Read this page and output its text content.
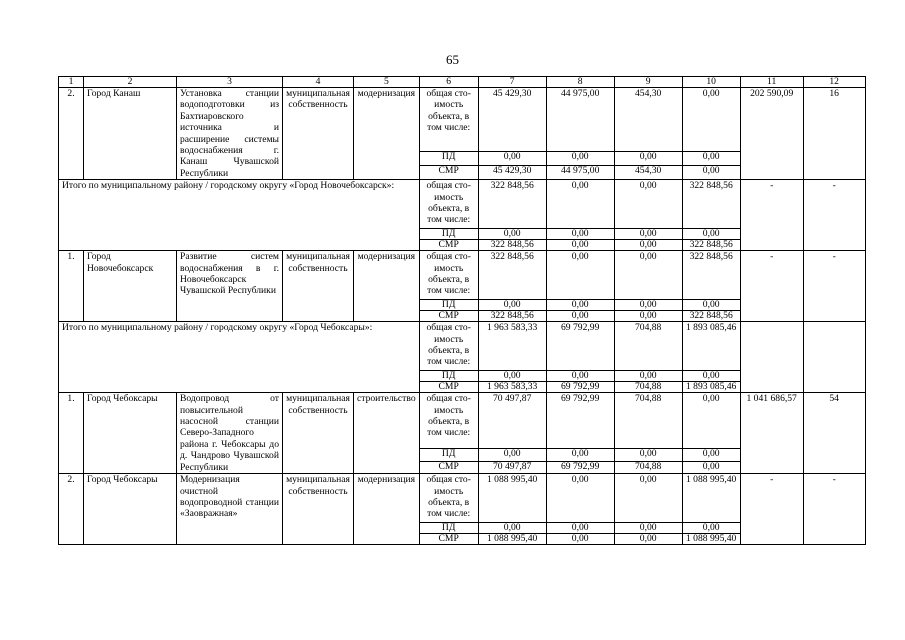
65
1	2	3	4	5	6	7	8	9	10	11	12
2.	Город Канаш	Установка станции водоподготовки из Бахтиаровского источника и расширение системы водоснабжения г. Канаш Чувашской Республики	муниципальная собственность	модернизация	общая сто-
имость
объекта, в
том числе:	45 429,30	44 975,00	454,30	0,00	202 590,09	16
					ПД	0,00	0,00	0,00	0,00		
					СМР	45 429,30	44 975,00	454,30	0,00		
Итого по муниципальному району / городскому округу «Город Новочебоксарск»:					общая сто-
имость
объекта, в
том числе:	322 848,56	0,00	0,00	322 848,56	-	-
					ПД	0,00	0,00	0,00	0,00		
					СМР	322 848,56	0,00	0,00	322 848,56		
1.	Город Новочебоксарск	Развитие систем водоснабжения в г. Новочебоксарск Чувашской Республики	муниципальная собственность	модернизация	общая сто-
имость
объекта, в
том числе:	322 848,56	0,00	0,00	322 848,56	-	-
					ПД	0,00	0,00	0,00	0,00		
					СМР	322 848,56	0,00	0,00	322 848,56		
Итого по муниципальному району / городскому округу «Город Чебоксары»:					общая сто-
имость
объекта, в
том числе:	1 963 583,33	69 792,99	704,88	1 893 085,46		
					ПД	0,00	0,00	0,00	0,00		
					СМР	1 963 583,33	69 792,99	704,88	1 893 085,46		
1.	Город Чебоксары	Водопровод от повысительной насосной станции Северо-Западного района г. Чебоксары до д. Чандрово Чувашской Республики	муниципальная собственность	строительство	общая сто-
имость
объекта, в
том числе:	70 497,87	69 792,99	704,88	0,00	1 041 686,57	54
					ПД	0,00	0,00	0,00	0,00		
					СМР	70 497,87	69 792,99	704,88	0,00		
2.	Город Чебоксары	Модернизация очистной водопроводной станции «Заовражная»	муниципальная собственность	модернизация	общая сто-
имость
объекта, в
том числе:	1 088 995,40	0,00	0,00	1 088 995,40	-	-
					ПД	0,00	0,00	0,00	0,00		
					СМР	1 088 995,40	0,00	0,00	1 088 995,40		
